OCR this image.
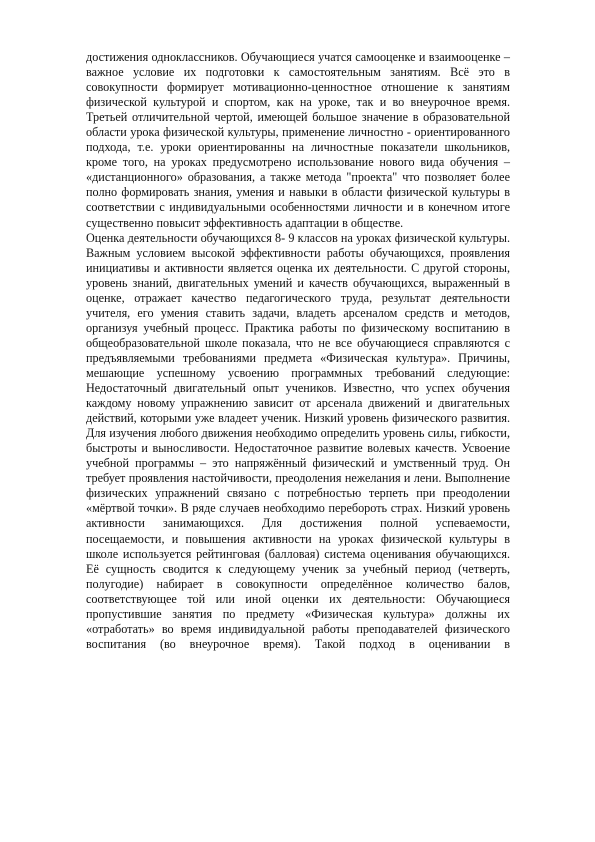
достижения одноклассников. Обучающиеся учатся самооценке и взаимооценке – важное условие их подготовки к самостоятельным занятиям. Всё это в совокупности формирует мотивационно-ценностное отношение к занятиям физической культурой и спортом, как на уроке, так и во внеурочное время. Третьей отличительной чертой, имеющей большое значение в образовательной области урока физической культуры, применение личностно - ориентированного подхода, т.е. уроки ориентированны на личностные показатели школьников, кроме того, на уроках предусмотрено использование нового вида обучения – «дистанционного» образования, а также метода "проекта" что позволяет более полно формировать знания, умения и навыки в области физической культуры в соответствии с индивидуальными особенностями личности и в конечном итоге существенно повысит эффективность адаптации в обществе.

Оценка деятельности обучающихся 8- 9 классов на уроках физической культуры. Важным условием высокой эффективности работы обучающихся, проявления инициативы и активности является оценка их деятельности. С другой стороны, уровень знаний, двигательных умений и качеств обучающихся, выраженный в оценке, отражает качество педагогического труда, результат деятельности учителя, его умения ставить задачи, владеть арсеналом средств и методов, организуя учебный процесс. Практика работы по физическому воспитанию в общеобразовательной школе показала, что не все обучающиеся справляются с предъявляемыми требованиями предмета «Физическая культура». Причины, мешающие успешному усвоению программных требований следующие: Недостаточный двигательный опыт учеников. Известно, что успех обучения каждому новому упражнению зависит от арсенала движений и двигательных действий, которыми уже владеет ученик. Низкий уровень физического развития. Для изучения любого движения необходимо определить уровень силы, гибкости, быстроты и выносливости. Недостаточное развитие волевых качеств. Усвоение учебной программы – это напряжённый физический и умственный труд. Он требует проявления настойчивости, преодоления нежелания и лени. Выполнение физических упражнений связано с потребностью терпеть при преодолении «мёртвой точки». В ряде случаев необходимо перебороть страх. Низкий уровень активности занимающихся. Для достижения полной успеваемости, посещаемости, и повышения активности на уроках физической культуры в школе используется рейтинговая (балловая) система оценивания обучающихся. Её сущность сводится к следующему ученик за учебный период (четверть, полугодие) набирает в совокупности определённое количество балов, соответствующее той или иной оценки их деятельности: Обучающиеся пропустившие занятия по предмету «Физическая культура» должны их «отработать» во время индивидуальной работы преподавателей физического воспитания (во внеурочное время). Такой подход в оценивании в
